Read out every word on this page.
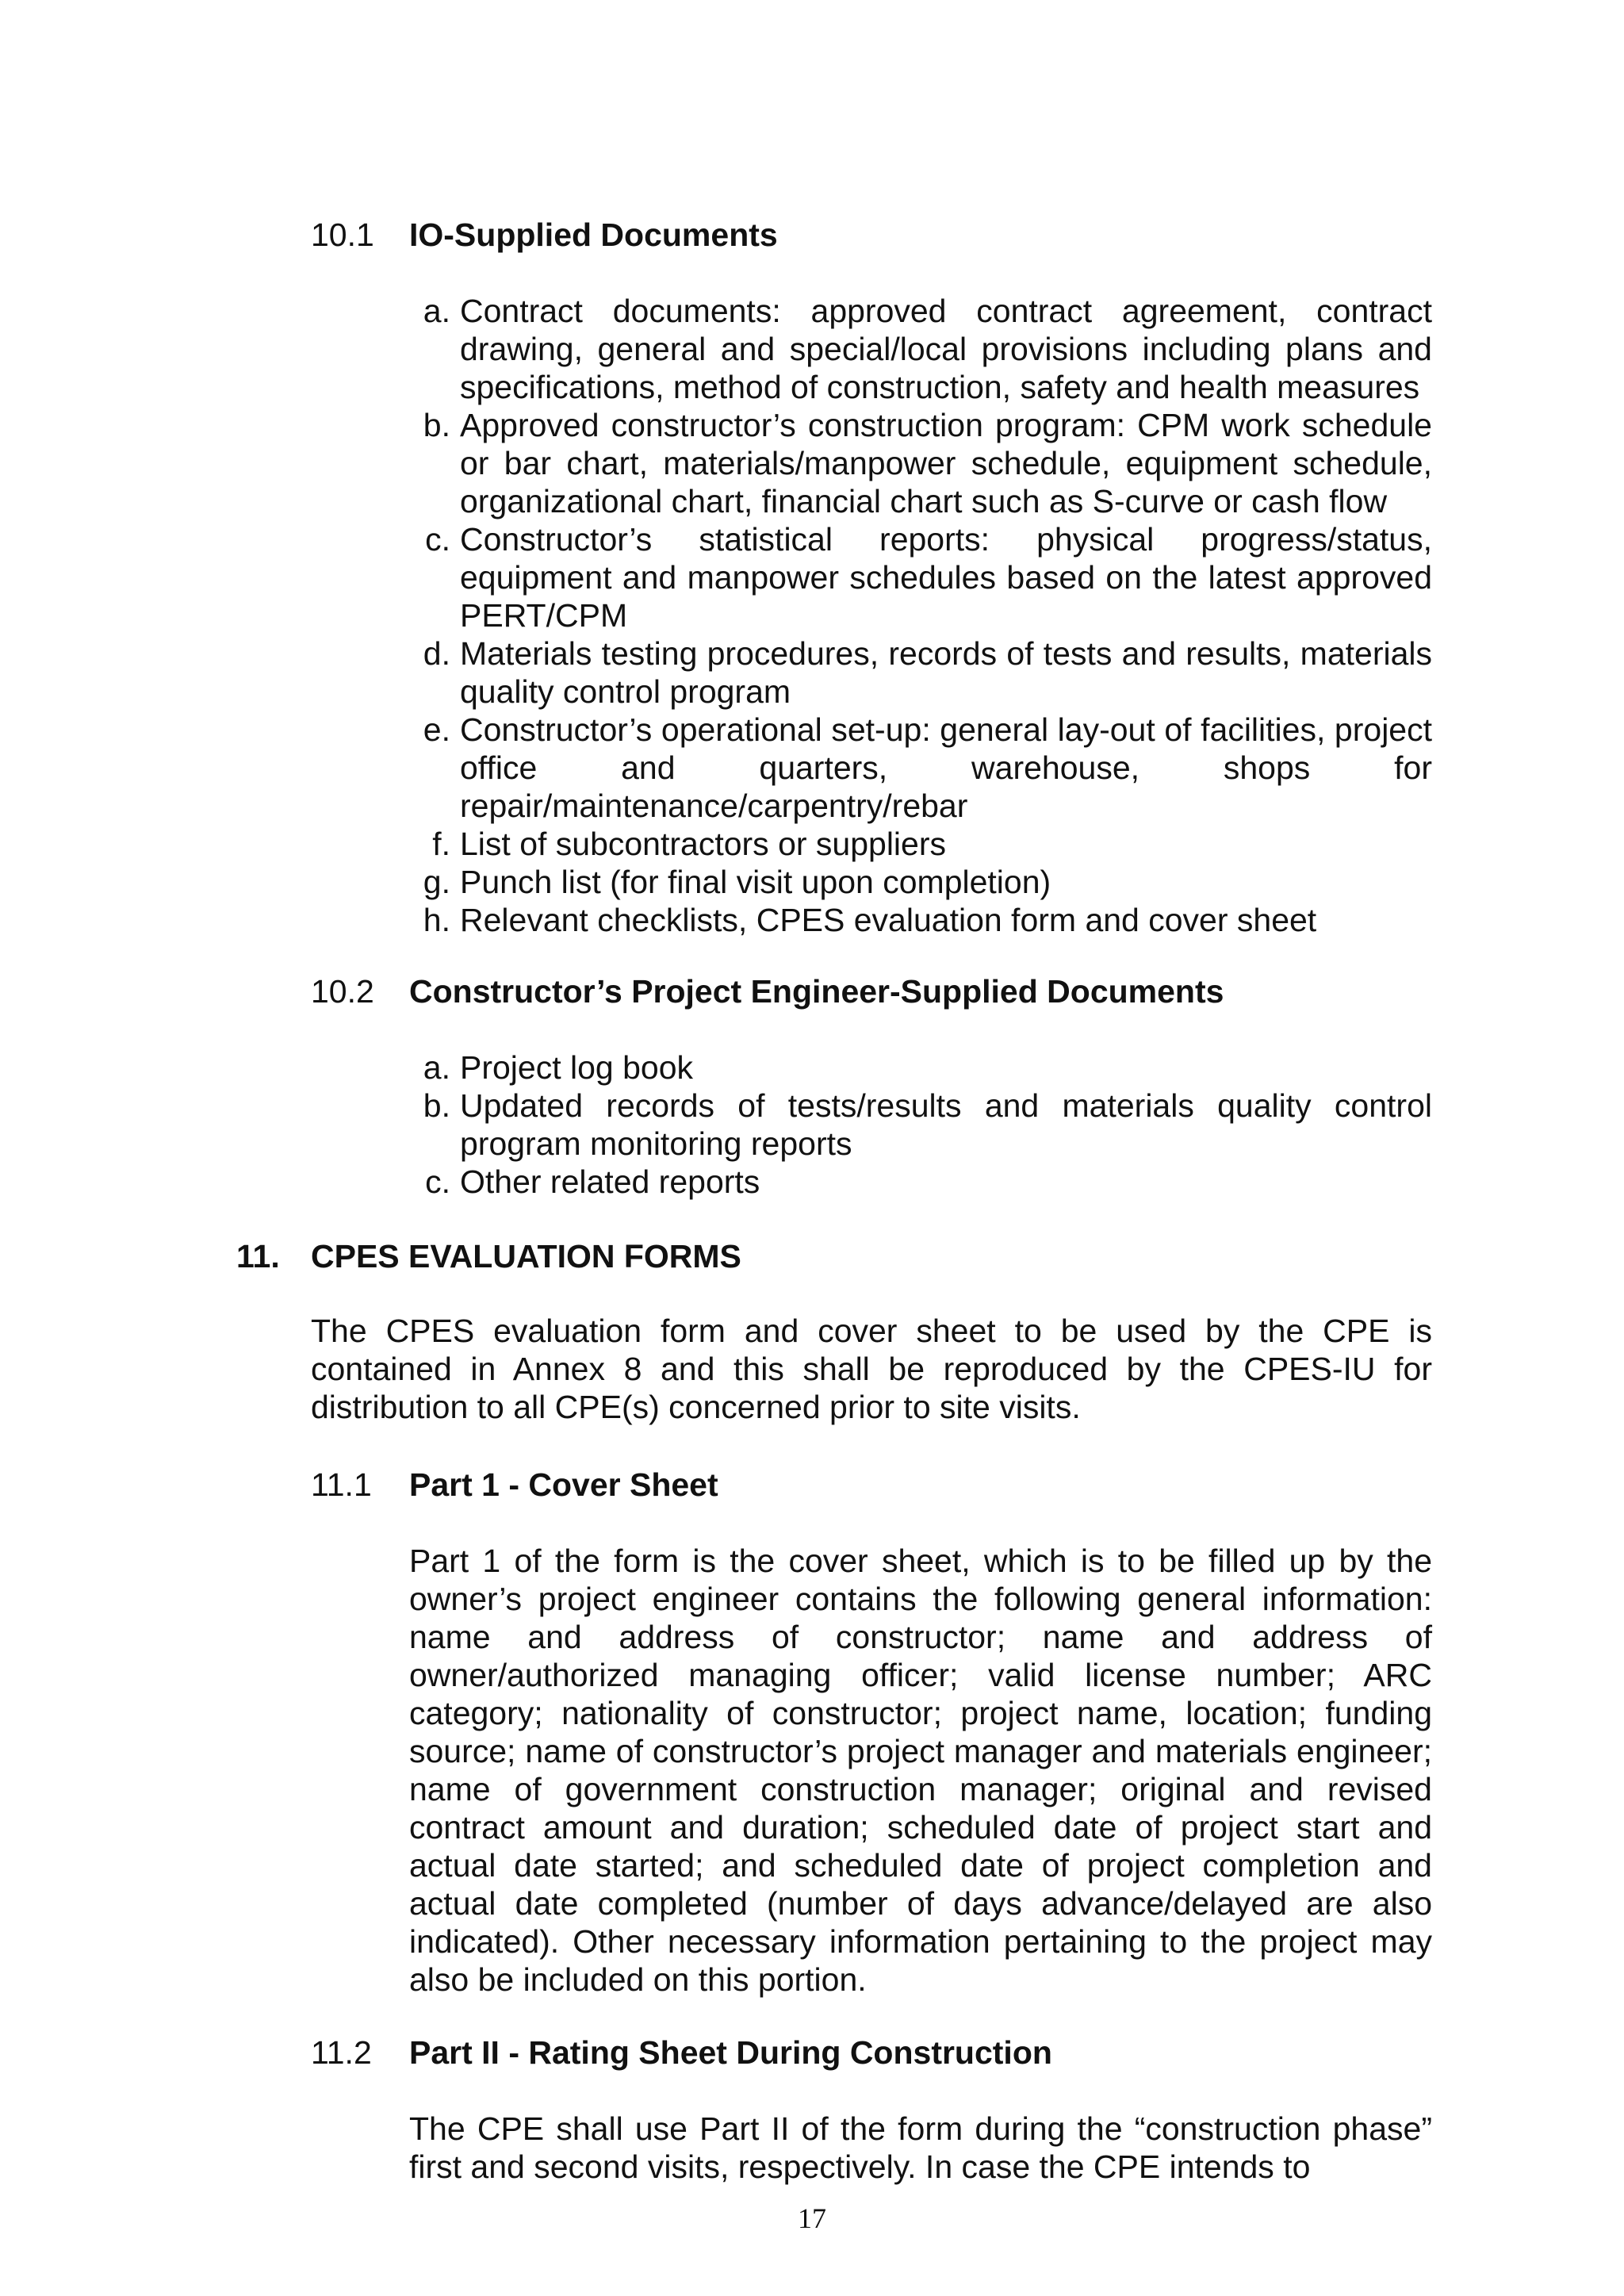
10.1 IO-Supplied Documents

a. Contract documents: approved contract agreement, contract drawing, general and special/local provisions including plans and specifications, method of construction, safety and health measures

b. Approved constructor’s construction program: CPM work schedule or bar chart, materials/manpower schedule, equipment schedule, organizational chart, financial chart such as S-curve or cash flow

c. Constructor’s statistical reports: physical progress/status, equipment and manpower schedules based on the latest approved PERT/CPM

d. Materials testing procedures, records of tests and results, materials quality control program

e. Constructor’s operational set-up: general lay-out of facilities, project office and quarters, warehouse, shops for repair/maintenance/carpentry/rebar

f. List of subcontractors or suppliers

g. Punch list (for final visit upon completion)

h. Relevant checklists, CPES evaluation form and cover sheet

10.2 Constructor’s Project Engineer-Supplied Documents

a. Project log book

b. Updated records of tests/results and materials quality control program monitoring reports

c. Other related reports

11. CPES EVALUATION FORMS

The CPES evaluation form and cover sheet to be used by the CPE is contained in Annex 8 and this shall be reproduced by the CPES-IU for distribution to all CPE(s) concerned prior to site visits.

11.1 Part 1 - Cover Sheet

Part 1 of the form is the cover sheet, which is to be filled up by the owner’s project engineer contains the following general information: name and address of constructor; name and address of owner/authorized managing officer; valid license number; ARC category; nationality of constructor; project name, location; funding source; name of constructor’s project manager and materials engineer; name of government construction manager; original and revised contract amount and duration; scheduled date of project start and actual date started; and scheduled date of project completion and actual date completed (number of days advance/delayed are also indicated). Other necessary information pertaining to the project may also be included on this portion.

11.2 Part II - Rating Sheet During Construction

The CPE shall use Part II of the form during the “construction phase” first and second visits, respectively. In case the CPE intends to

17
